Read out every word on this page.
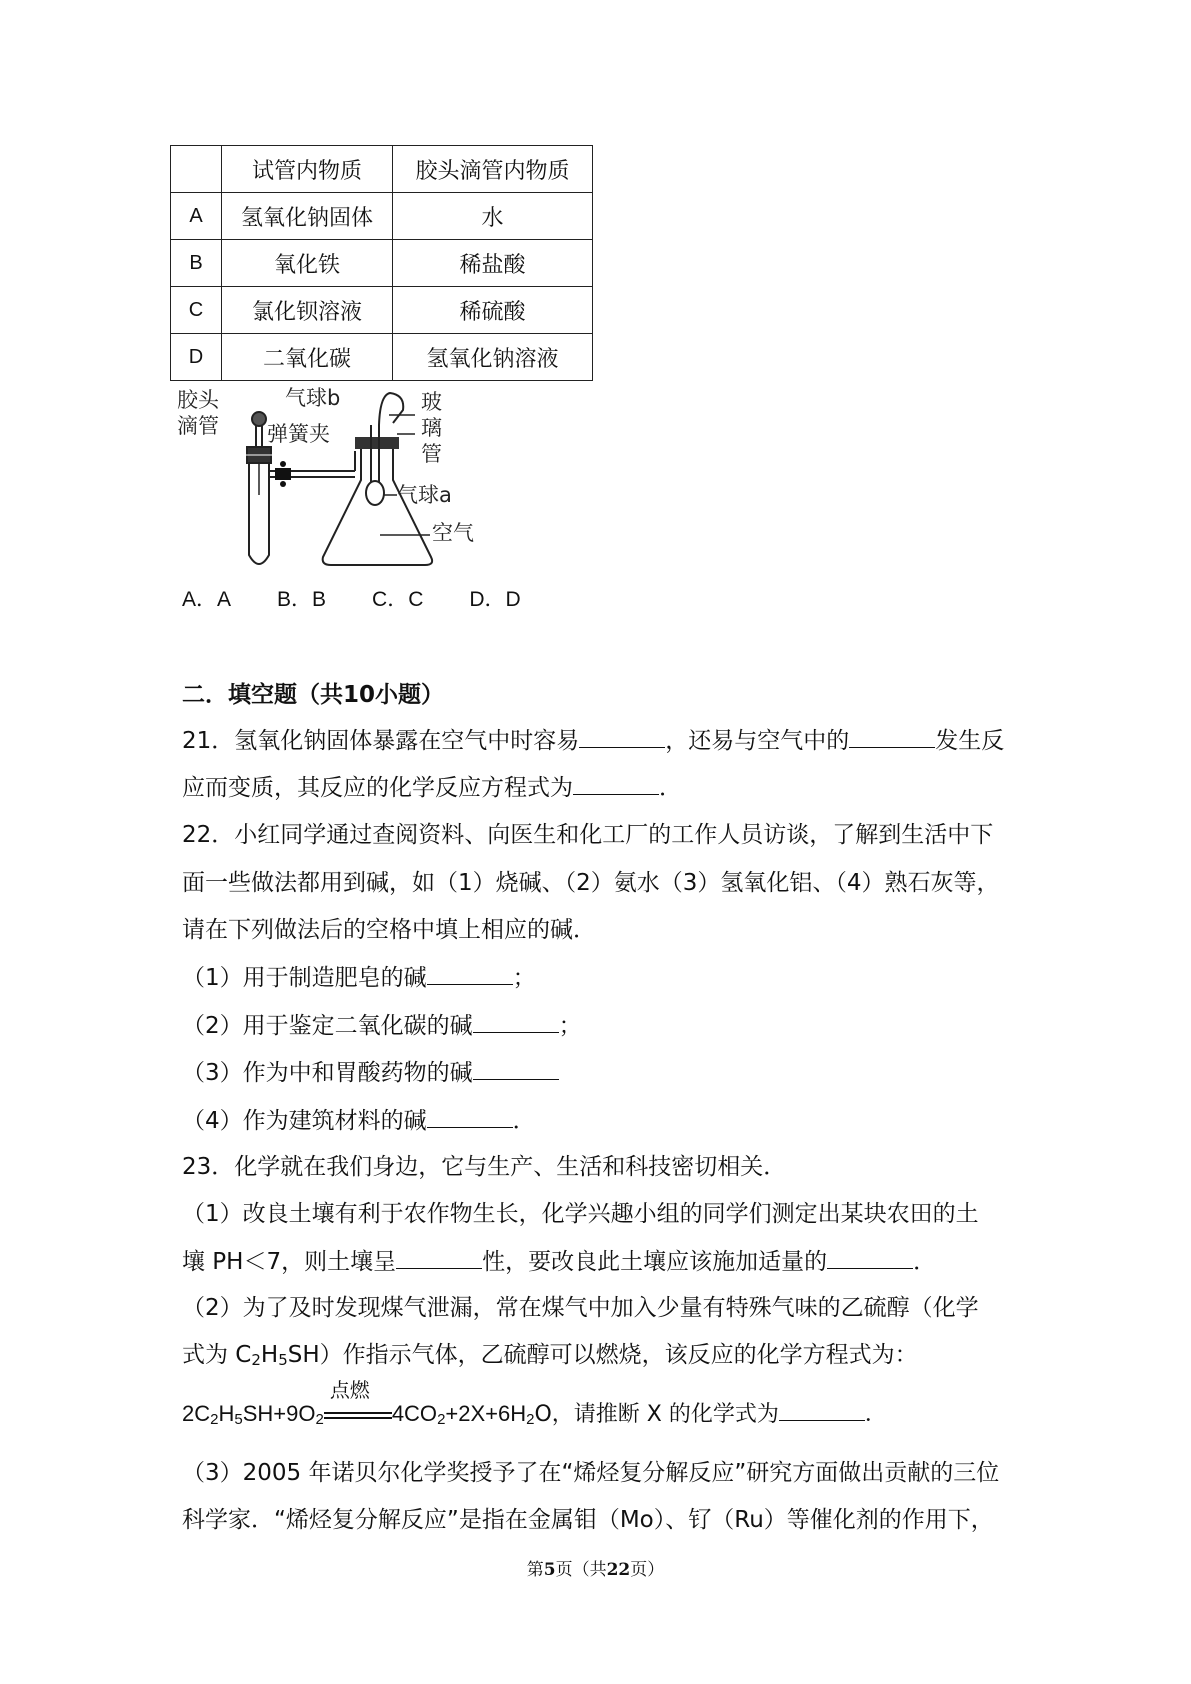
	试管内物质	胶头滴管内物质
A	氢氧化钠固体	水
B	氧化铁	稀盐酸
C	氯化钡溶液	稀硫酸
D	二氧化碳	氢氧化钠溶液
胶头
滴管 弹簧夹
气球b	玻
璃
管
气球a
空气
A．A B．B C．C D．D
二．填空题（共10小题）
21．氢氧化钠固体暴露在空气中时容易	，还易与空气中的	发生反
应而变质，其反应的化学反应方程式为	．
22．小红同学通过查阅资料、向医生和化工厂的工作人员访谈，了解到生活中下
面一些做法都用到碱，如（1）烧碱、（2）氨水（3）氢氧化铝、（4）熟石灰等，
请在下列做法后的空格中填上相应的碱．
（1）用于制造肥皂的碱	；
（2）用于鉴定二氧化碳的碱	；
（3）作为中和胃酸药物的碱
（4）作为建筑材料的碱	．
23．化学就在我们身边，它与生产、生活和科技密切相关．
（1）改良土壤有利于农作物生长，化学兴趣小组的同学们测定出某块农田的土
壤 PH＜7，则土壤呈	性，要改良此土壤应该施加适量的	．
（2）为了及时发现煤气泄漏，常在煤气中加入少量有特殊气味的乙硫醇（化学
式为 $C_2H_5SH$）作指示气体，乙硫醇可以燃烧，该反应的化学方程式为：
$2C_2H_5SH+9O_2$
点燃
$4CO_2+2X+6H_2O$，请推断 X 的化学式为	．
（3）2005 年诺贝尔化学奖授予了在“烯烃复分解反应”研究方面做出贡献的三位
科学家．“烯烃复分解反应”是指在金属钼（Mo）、钌（Ru）等催化剂的作用下，
第5页（共22页）
